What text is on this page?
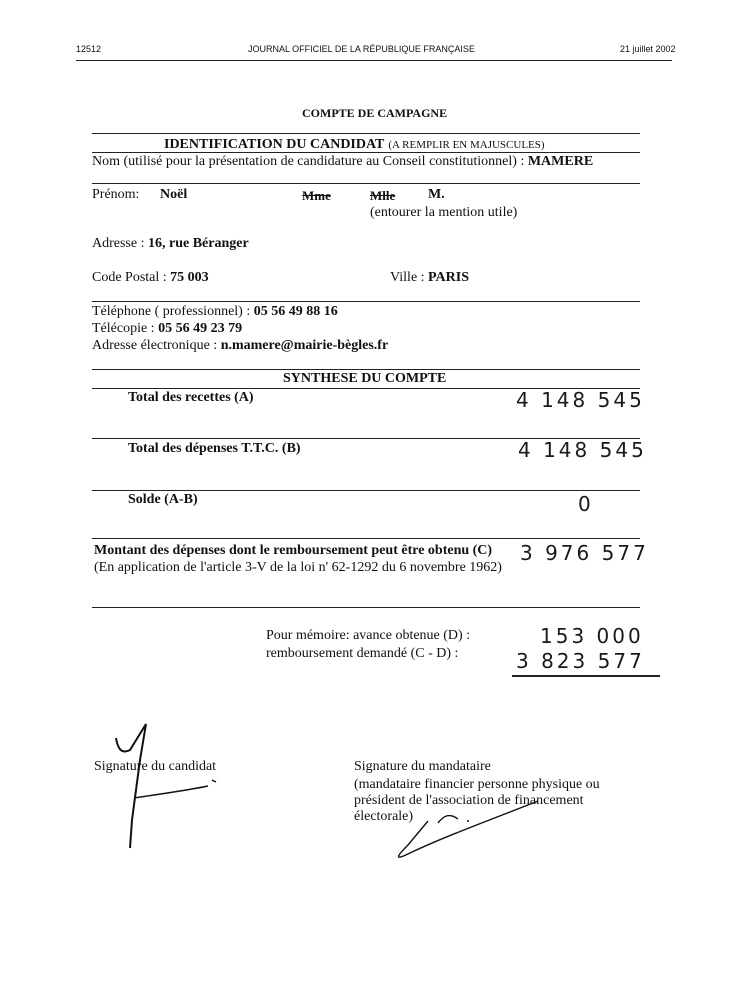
12512	JOURNAL OFFICIEL DE LA RÉPUBLIQUE FRANÇAISE	21 juillet 2002
COMPTE DE CAMPAGNE
IDENTIFICATION DU CANDIDAT (A REMPLIR EN MAJUSCULES)
Nom (utilisé pour la présentation de candidature au Conseil constitutionnel) : MAMERE
Prénom: Noël	Mme	Mlle M.
(entourer la mention utile)
Adresse : 16, rue Béranger
Code Postal : 75 003	Ville : PARIS
Téléphone ( professionnel) : 05 56 49 88 16
Télécopie : 05 56 49 23 79
Adresse électronique : n.mamere@mairie-bègles.fr
SYNTHESE DU COMPTE
Total des recettes (A)	4 148 545
Total des dépenses T.T.C. (B)	4 148 545
Solde (A-B)	0
Montant des dépenses dont le remboursement peut être obtenu (C) 3 976 577
(En application de l'article 3-V de la loi n' 62-1292 du 6 novembre 1962)
Pour mémoire: avance obtenue (D) :	153 000
remboursement demandé (C - D) :	3 823 577
Signature du candidat	Signature du mandataire
(mandataire financier personne physique ou
président de l'association de financement
électorale)
